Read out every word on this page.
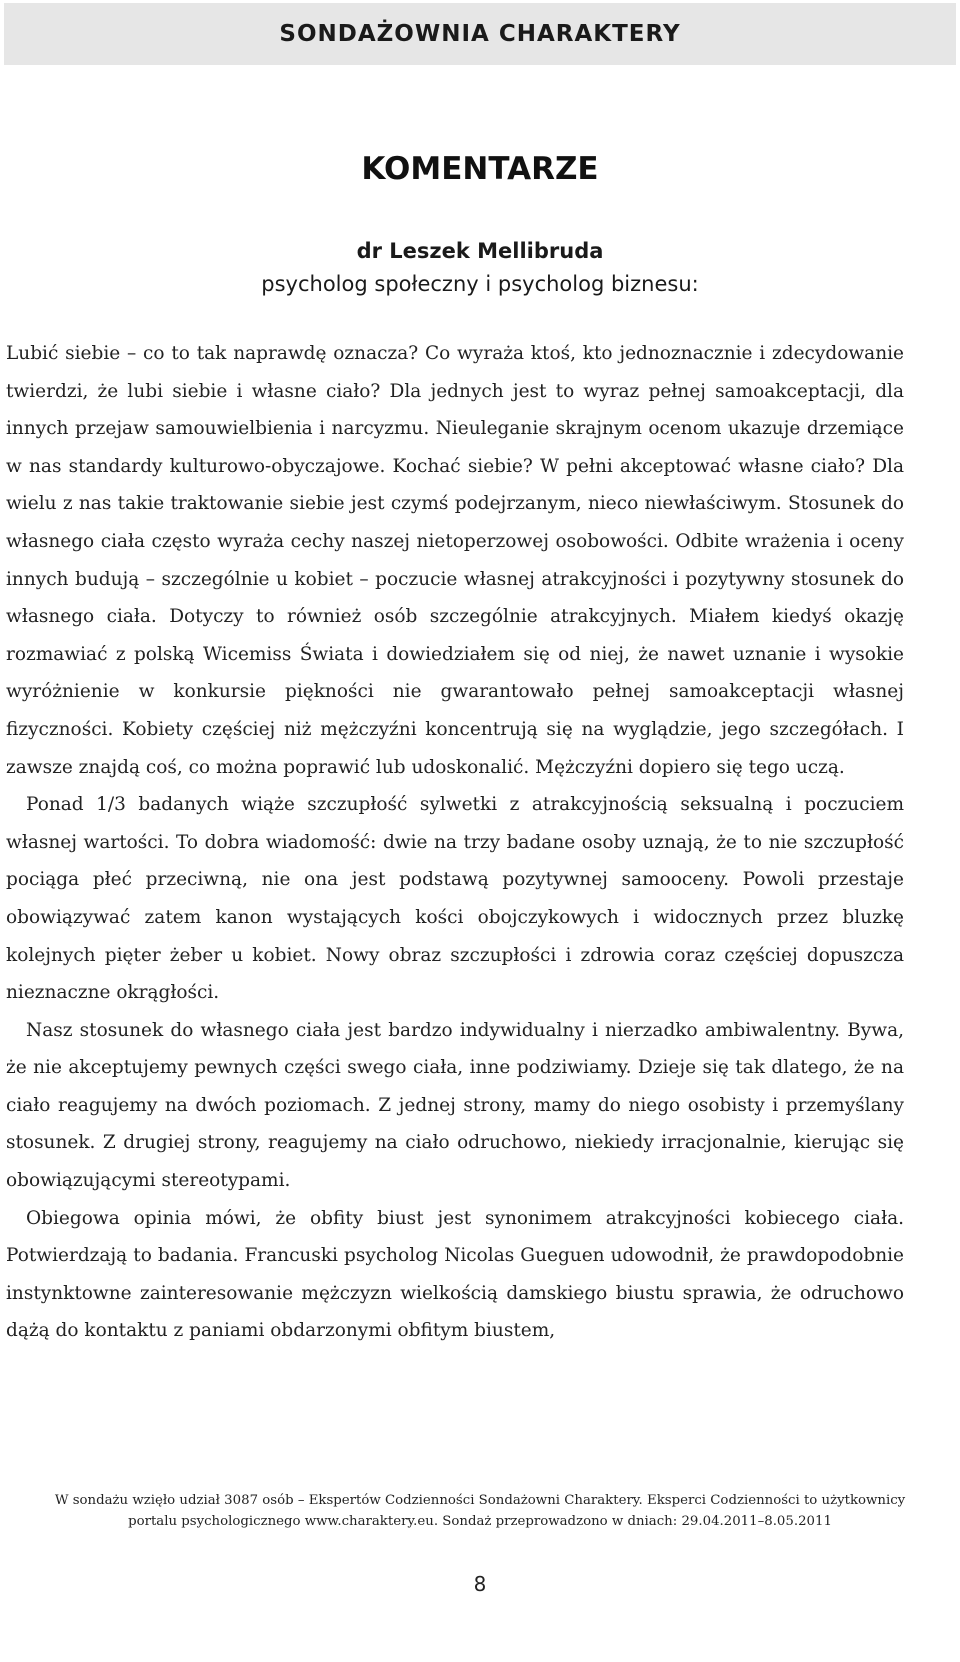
SONDAŻOWNIA CHARAKTERY
KOMENTARZE
dr Leszek Mellibruda
psycholog społeczny i psycholog biznesu:

Lubić siebie – co to tak naprawdę oznacza? Co wyraża ktoś, kto jednoznacznie i zdecydowanie twierdzi, że lubi siebie i własne ciało? Dla jednych jest to wyraz pełnej samoakceptacji, dla innych przejaw samouwielbienia i narcyzmu. Nieuleganie skrajnym ocenom ukazuje drzemiące w nas standardy kulturowo-obyczajowe. Kochać siebie? W pełni akceptować własne ciało? Dla wielu z nas takie traktowanie siebie jest czymś podejrzanym, nieco niewłaściwym. Stosunek do własnego ciała często wyraża cechy naszej nietoperzowej osobowości. Odbite wrażenia i oceny innych budują – szczególnie u kobiet – poczucie własnej atrakcyjności i pozytywny stosunek do własnego ciała. Dotyczy to również osób szczególnie atrakcyjnych. Miałem kiedyś okazję rozmawiać z polską Wicemiss Świata i dowiedziałem się od niej, że nawet uznanie i wysokie wyróżnienie w konkursie piękności nie gwarantowało pełnej samoakceptacji własnej fizyczności. Kobiety częściej niż mężczyźni koncentrują się na wyglądzie, jego szczegółach. I zawsze znajdą coś, co można poprawić lub udoskonalić. Mężczyźni dopiero się tego uczą.

Ponad 1/3 badanych wiąże szczupłość sylwetki z atrakcyjnością seksualną i poczuciem własnej wartości. To dobra wiadomość: dwie na trzy badane osoby uznają, że to nie szczupłość pociąga płeć przeciwną, nie ona jest podstawą pozytywnej samooceny. Powoli przestaje obowiązywać zatem kanon wystających kości obojczykowych i widocznych przez bluzkę kolejnych pięter żeber u kobiet. Nowy obraz szczupłości i zdrowia coraz częściej dopuszcza nieznaczne okrągłości.

Nasz stosunek do własnego ciała jest bardzo indywidualny i nierzadko ambiwalentny. Bywa, że nie akceptujemy pewnych części swego ciała, inne podziwiamy. Dzieje się tak dlatego, że na ciało reagujemy na dwóch poziomach. Z jednej strony, mamy do niego osobisty i przemyślany stosunek. Z drugiej strony, reagujemy na ciało odruchowo, niekiedy irracjonalnie, kierując się obowiązującymi stereotypami.

Obiegowa opinia mówi, że obfity biust jest synonimem atrakcyjności kobiecego ciała. Potwierdzają to badania. Francuski psycholog Nicolas Gueguen udowodnił, że prawdopodobnie instynktowne zainteresowanie mężczyzn wielkością damskiego biustu sprawia, że odruchowo dążą do kontaktu z paniami obdarzonymi obfitym biustem,

W sondażu wzięło udział 3087 osób – Ekspertów Codzienności Sondażowni Charaktery. Eksperci Codzienności to użytkownicy
portalu psychologicznego www.charaktery.eu. Sondaż przeprowadzono w dniach: 29.04.2011–8.05.2011
8
